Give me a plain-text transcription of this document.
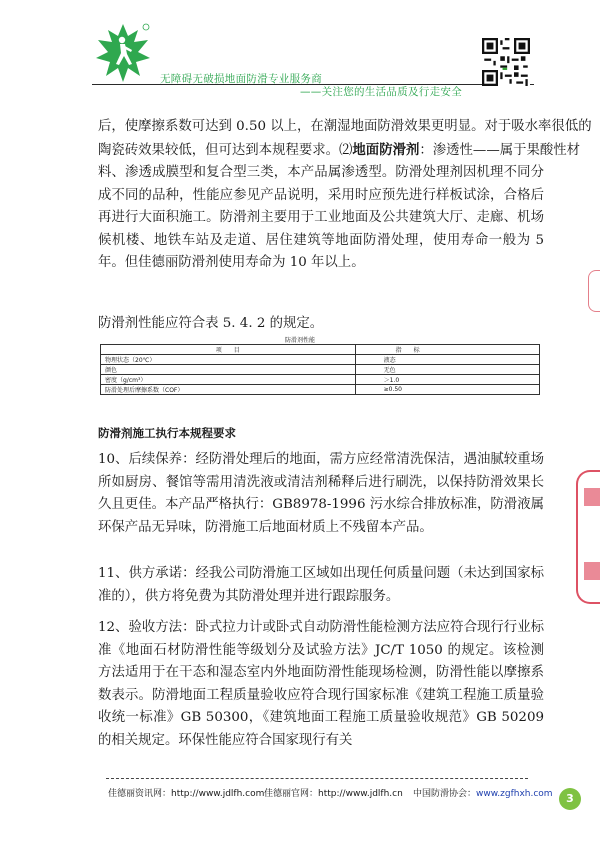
无障碍无破损地面防滑专业服务商
——关注您的生活品质及行走安全
后，使摩擦系数可达到 0.50 以上，在潮湿地面防滑效果更明显。对于吸水率很低的
陶瓷砖效果较低，但可达到本规程要求。⑵地面防滑剂：渗透性——属于果酸性材
料、渗透成膜型和复合型三类，本产品属渗透型。防滑处理剂因机理不同分成不同的品种，性能应参见产品说明，采用时应预先进行样板试涂，合格后再进行大面积施工。防滑剂主要用于工业地面及公共建筑大厅、走廊、机场候机楼、地铁车站及走道、居住建筑等地面防滑处理，使用寿命一般为 5 年。但佳德丽防滑剂使用寿命为 10 年以上。
防滑剂性能应符合表 5. 4. 2 的规定。
防滑剂性能
项　　目	指　　标
物理状态（20℃）	液态
颜色	无色
密度（g/cm³）	＞1.0
防滑处理后摩擦系数（COF）	≥0.50
防滑剂施工执行本规程要求
10、后续保养：经防滑处理后的地面，需方应经常清洗保洁，遇油腻较重场所如厨房、餐馆等需用清洗液或清洁剂稀释后进行刷洗，以保持防滑效果长久且更佳。本产品严格执行：GB8978-1996 污水综合排放标准，防滑液属环保产品无异味，防滑施工后地面材质上不残留本产品。
11、供方承诺：经我公司防滑施工区域如出现任何质量问题（未达到国家标准的），供方将免费为其防滑处理并进行跟踪服务。
12、验收方法：卧式拉力计或卧式自动防滑性能检测方法应符合现行行业标准《地面石材防滑性能等级划分及试验方法》JC/T 1050 的规定。该检测方法适用于在干态和湿态室内外地面防滑性能现场检测，防滑性能以摩擦系数表示。防滑地面工程质量验收应符合现行国家标准《建筑工程施工质量验收统一标准》GB 50300，《建筑地面工程施工质量验收规范》GB 50209 的相关规定。环保性能应符合国家现行有关
佳德丽资讯网：http://www.jdlfh.com 佳德丽官网：http://www.jdlfh.cn 中国防滑协会：www.zgfhxh.com	3
